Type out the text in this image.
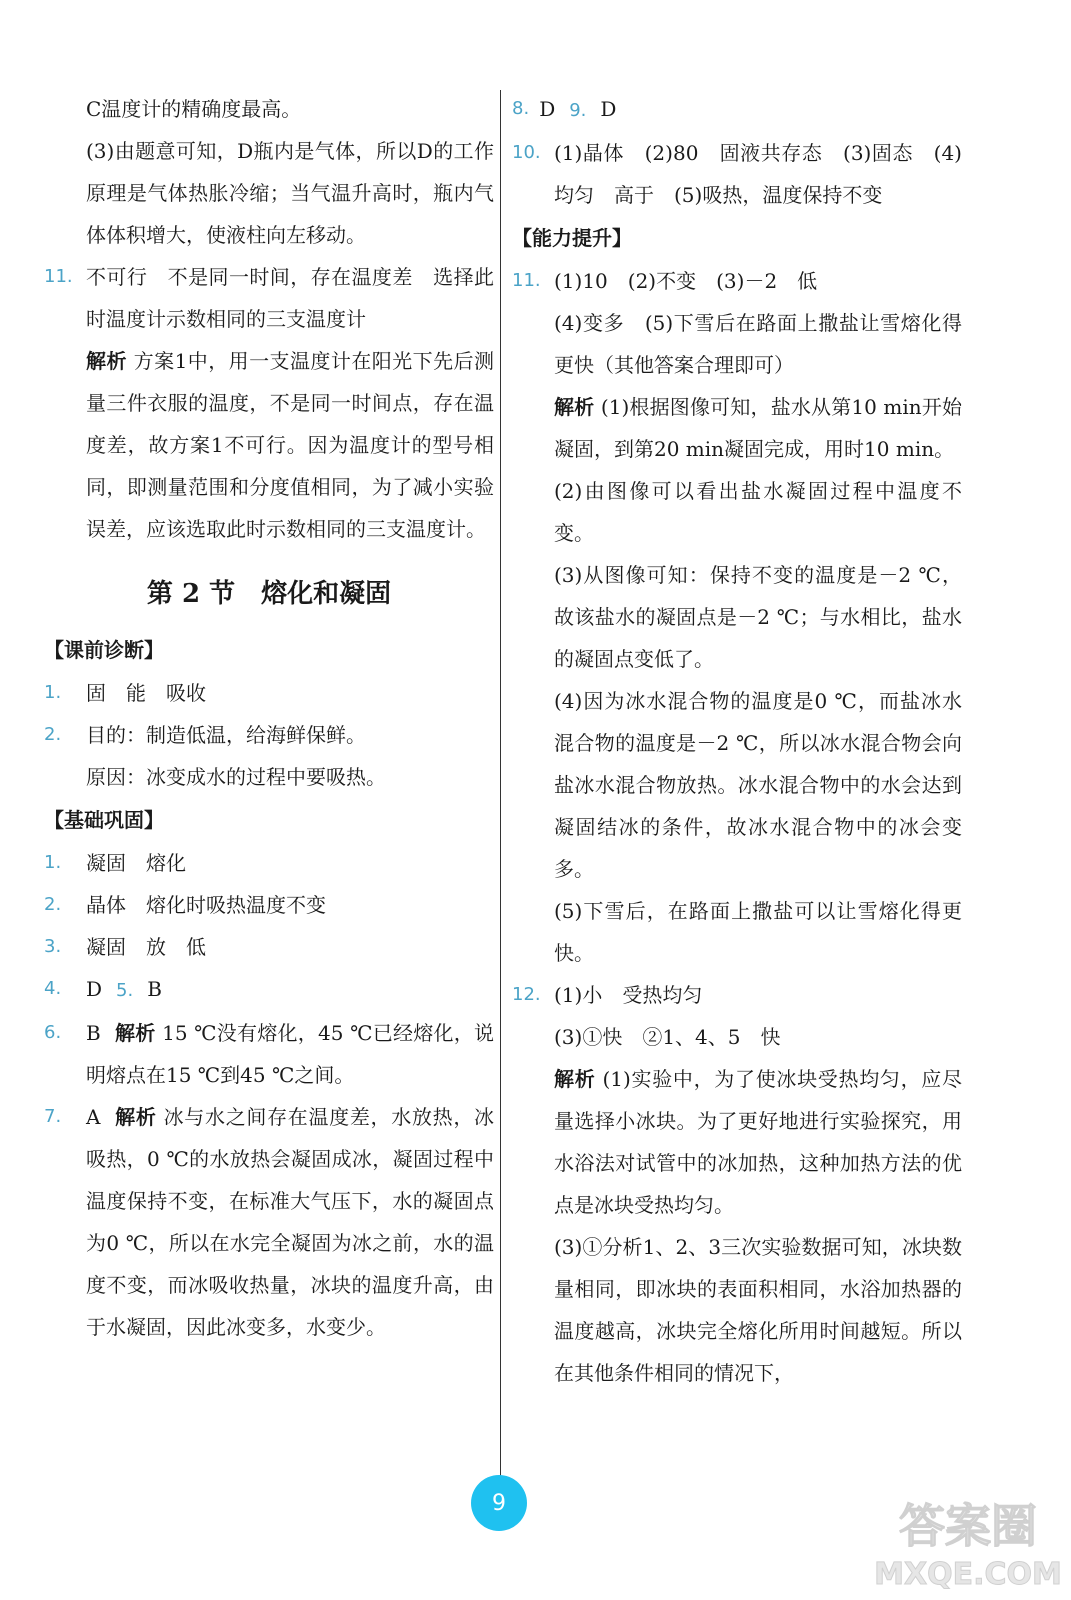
C温度计的精确度最高。
(3)由题意可知，D瓶内是气体，所以D的工作原理是气体热胀冷缩；当气温升高时，瓶内气体体积增大，使液柱向左移动。
11. 不可行　不是同一时间，存在温度差　选择此时温度计示数相同的三支温度计
解析 方案1中，用一支温度计在阳光下先后测量三件衣服的温度，不是同一时间点，存在温度差，故方案1不可行。因为温度计的型号相同，即测量范围和分度值相同，为了减小实验误差，应该选取此时示数相同的三支温度计。
第 2 节　熔化和凝固
【课前诊断】
1.	固　能　吸收
2.	目的：制造低温，给海鲜保鲜。
原因：冰变成水的过程中要吸热。
【基础巩固】
1.	凝固　熔化
2.	晶体　熔化时吸热温度不变
3.	凝固　放　低
4.	D 5. B
6.	B 解析 15 ℃没有熔化，45 ℃已经熔化，说明熔点在15 ℃到45 ℃之间。
7.	A 解析 冰与水之间存在温度差，水放热，冰吸热，0 ℃的水放热会凝固成冰，凝固过程中温度保持不变，在标准大气压下，水的凝固点为0 ℃，所以在水完全凝固为冰之前，水的温度不变，而冰吸收热量，冰块的温度升高，由于水凝固，因此冰变多，水变少。
8. D 9. D
10. (1)晶体　(2)80　固液共存态　(3)固态　(4)均匀　高于　(5)吸热，温度保持不变
【能力提升】
11. (1)10　(2)不变　(3)－2　低
(4)变多　(5)下雪后在路面上撒盐让雪熔化得更快（其他答案合理即可）
解析 (1)根据图像可知，盐水从第10 min开始凝固，到第20 min凝固完成，用时10 min。
(2)由图像可以看出盐水凝固过程中温度不变。
(3)从图像可知：保持不变的温度是－2 ℃，故该盐水的凝固点是－2 ℃；与水相比，盐水的凝固点变低了。
(4)因为冰水混合物的温度是0 ℃，而盐冰水混合物的温度是－2 ℃，所以冰水混合物会向盐冰水混合物放热。冰水混合物中的水会达到凝固结冰的条件，故冰水混合物中的冰会变多。
(5)下雪后，在路面上撒盐可以让雪熔化得更快。
12. (1)小　受热均匀
(3)①快　②1、4、5　快
解析 (1)实验中，为了使冰块受热均匀，应尽量选择小冰块。为了更好地进行实验探究，用水浴法对试管中的冰加热，这种加热方法的优点是冰块受热均匀。
(3)①分析1、2、3三次实验数据可知，冰块数量相同，即冰块的表面积相同，水浴加热器的温度越高，冰块完全熔化所用时间越短。所以在其他条件相同的情况下，
9	答案圈
MXQE.COM
